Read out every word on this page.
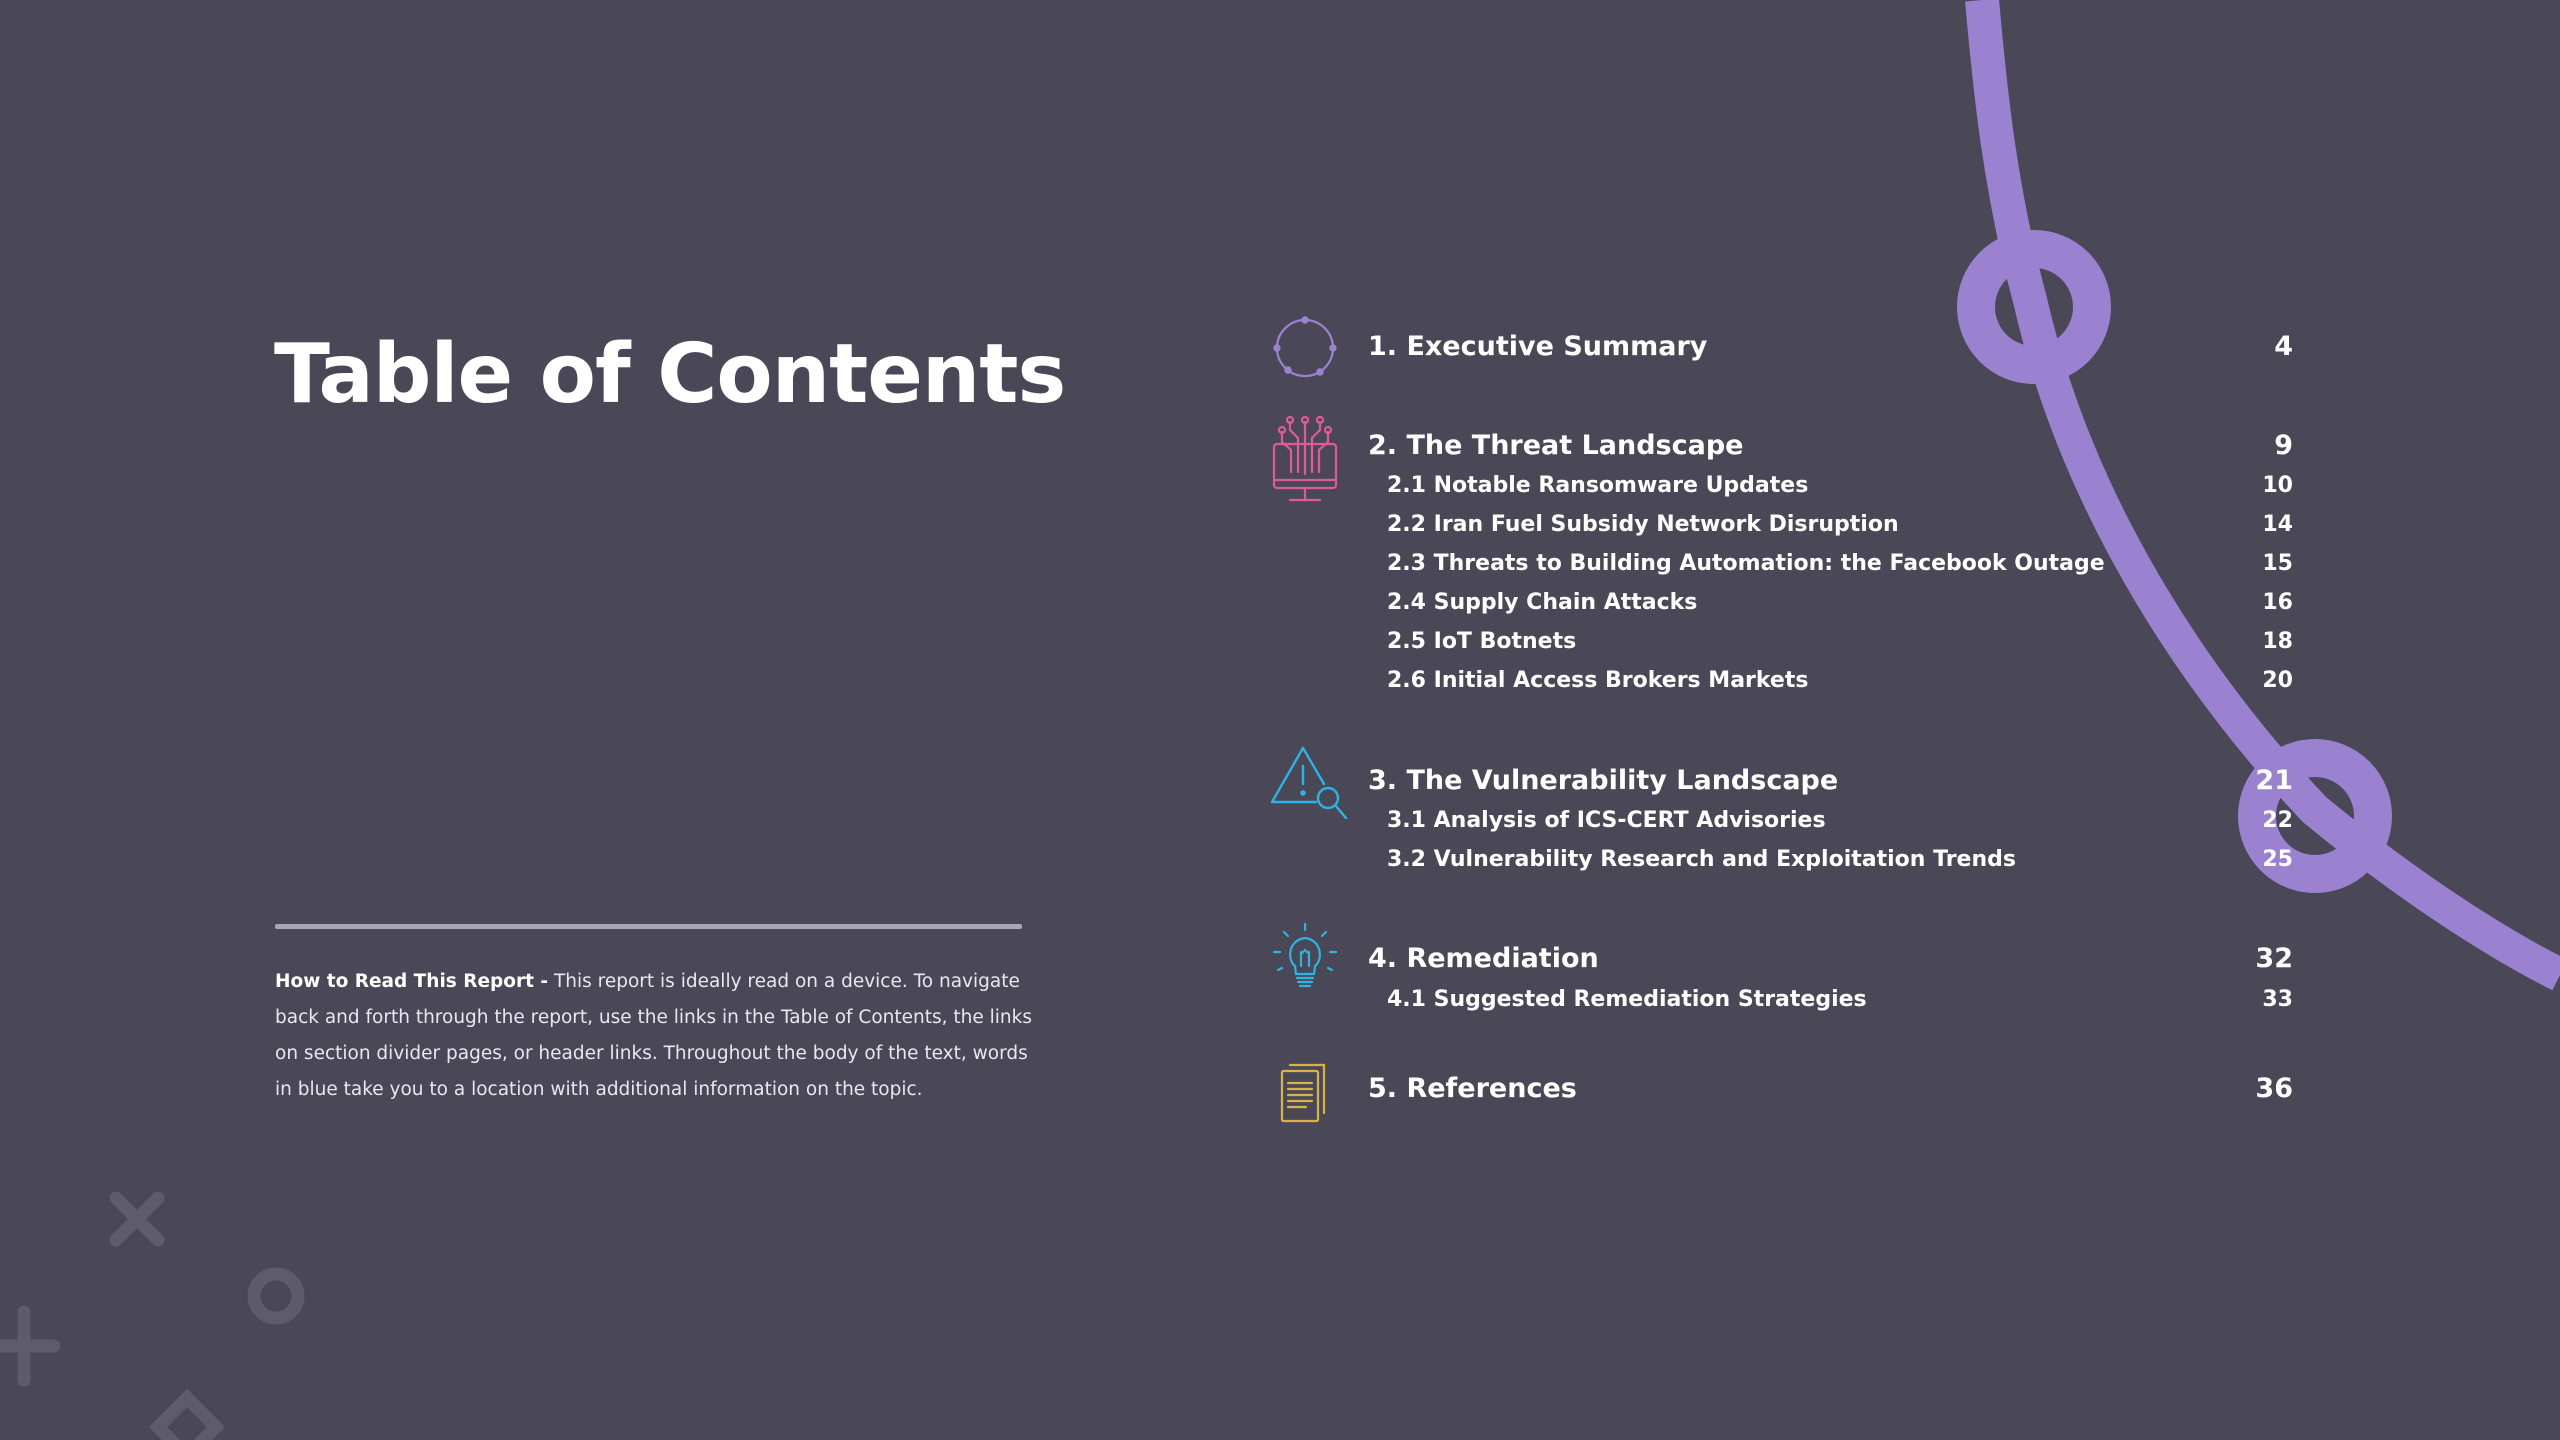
Table of Contents
How to Read This Report - This report is ideally read on a device. To navigate back and forth through the report, use the links in the Table of Contents, the links on section divider pages, or header links. Throughout the body of the text, words in blue take you to a location with additional information on the topic.
1. Executive Summary	4
2. The Threat Landscape	9
2.1 Notable Ransomware Updates	10
2.2 Iran Fuel Subsidy Network Disruption	14
2.3 Threats to Building Automation: the Facebook Outage	15
2.4 Supply Chain Attacks	16
2.5 IoT Botnets	18
2.6 Initial Access Brokers Markets	20
3. The Vulnerability Landscape	21
3.1 Analysis of ICS-CERT Advisories	22
3.2 Vulnerability Research and Exploitation Trends	25
4. Remediation	32
4.1 Suggested Remediation Strategies	33
5. References	36
